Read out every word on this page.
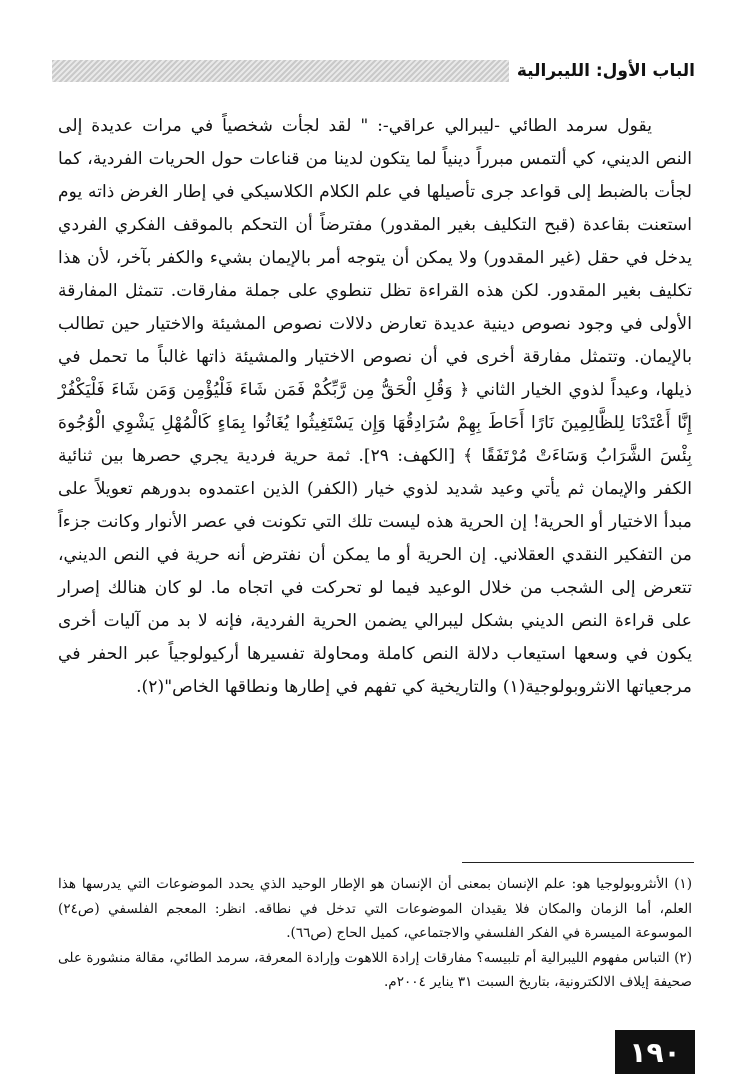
الباب الأول: الليبرالية

يقول سرمد الطائي -ليبرالي عراقي-: " لقد لجأت شخصياً في مرات عديدة إلى النص الديني، كي ألتمس مبرراً دينياً لما يتكون لدينا من قناعات حول الحريات الفردية، كما لجأت بالضبط إلى قواعد جرى تأصيلها في علم الكلام الكلاسيكي في إطار الغرض ذاته يوم استعنت بقاعدة (قبح التكليف بغير المقدور) مفترضاً أن التحكم بالموقف الفكري الفردي يدخل في حقل (غير المقدور) ولا يمكن أن يتوجه أمر بالإيمان بشيء والكفر بآخر، لأن هذا تكليف بغير المقدور. لكن هذه القراءة تظل تنطوي على جملة مفارقات. تتمثل المفارقة الأولى في وجود نصوص دينية عديدة تعارض دلالات نصوص المشيئة والاختيار حين تطالب بالإيمان. وتتمثل مفارقة أخرى في أن نصوص الاختيار والمشيئة ذاتها غالباً ما تحمل في ذيلها، وعيداً لذوي الخيار الثاني ﴿ وَقُلِ الْحَقُّ مِن رَّبِّكُمْ فَمَن شَاءَ فَلْيُؤْمِن وَمَن شَاءَ فَلْيَكْفُرْ إِنَّا أَعْتَدْنَا لِلظَّالِمِينَ نَارًا أَحَاطَ بِهِمْ سُرَادِقُهَا وَإِن يَسْتَغِيثُوا يُغَاثُوا بِمَاءٍ كَالْمُهْلِ يَشْوِي الْوُجُوهَ بِئْسَ الشَّرَابُ وَسَاءَتْ مُرْتَفَقًا ﴾ [الكهف: ٢٩]. ثمة حرية فردية يجري حصرها بين ثنائية الكفر والإيمان ثم يأتي وعيد شديد لذوي خيار (الكفر) الذين اعتمدوه بدورهم تعويلاً على مبدأ الاختيار أو الحرية! إن الحرية هذه ليست تلك التي تكونت في عصر الأنوار وكانت جزءاً من التفكير النقدي العقلاني. إن الحرية أو ما يمكن أن نفترض أنه حرية في النص الديني، تتعرض إلى الشجب من خلال الوعيد فيما لو تحركت في اتجاه ما. لو كان هنالك إصرار على قراءة النص الديني بشكل ليبرالي يضمن الحرية الفردية، فإنه لا بد من آليات أخرى يكون في وسعها استيعاب دلالة النص كاملة ومحاولة تفسيرها أركيولوجياً عبر الحفر في مرجعياتها الانثروبولوجية(١) والتاريخية كي تفهم في إطارها ونطاقها الخاص"(٢).

(١) الأنثروبولوجيا هو: علم الإنسان بمعنى أن الإنسان هو الإطار الوحيد الذي يحدد الموضوعات التي يدرسها هذا العلم، أما الزمان والمكان فلا يقيدان الموضوعات التي تدخل في نطاقه. انظر: المعجم الفلسفي (ص٢٤) الموسوعة الميسرة في الفكر الفلسفي والاجتماعي، كميل الحاج (ص٦٦).

(٢) التباس مفهوم الليبرالية أم تلبيسه؟ مفارقات إرادة اللاهوت وإرادة المعرفة، سرمد الطائي، مقالة منشورة على صحيفة إيلاف الالكترونية، بتاريخ السبت ٣١ يناير ٢٠٠٤م.

١٩٠
